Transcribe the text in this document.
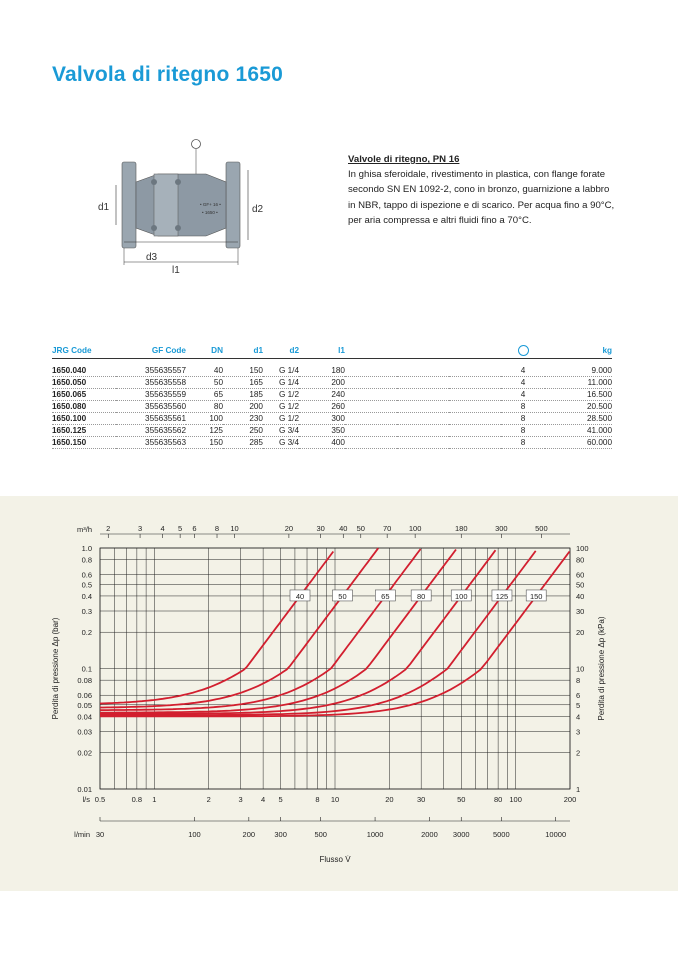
Valvola di ritegno 1650
• GF+ 16 •
• 1650 •
d1	d2
d3
l1

Valvole di ritegno, PN 16

In ghisa sferoidale, rivestimento in plastica, con flange forate secondo SN EN 1092-2, cono in bronzo, guarnizione a labbro in NBR, tappo di ispezione e di scarico. Per acqua fino a 90°C, per aria compressa e altri fluidi fino a 70°C.

JRG Code	GF Code	DN	d1	d2	l1					kg
1650.040	355635557	40	150	G 1/4	180				4	9.000
1650.050	355635558	50	165	G 1/4	200				4	11.000
1650.065	355635559	65	185	G 1/2	240				4	16.500
1650.080	355635560	80	200	G 1/2	260				8	20.500
1650.100	355635561	100	230	G 1/2	300				8	28.500
1650.125	355635562	125	250	G 3/4	350				8	41.000
1650.150	355635563	150	285	G 3/4	400				8	60.000
1.0
0.8
0.6
0.5
0.4
0.3
0.2
0.1
0.08
0.06
0.05
0.04
0.03
0.02
0.01
100
80
60
50
40
30
20
10
8
6
5
4
3
2
1
Perdita di pressione Δp (bar)	Perdita di pressione Δp (kPa)
m³/h 2	3 4 5 6 8 10	20	30 40 50 70 100	180	300	500
l/s 0.5	0.8 1	2	3 4 5	8 10	20	30	50	80 100	200
l/min 30	100	200	300	500	1000	2000 3000	5000	10000
Flusso V̇
40	50	65	80	100	125	150
